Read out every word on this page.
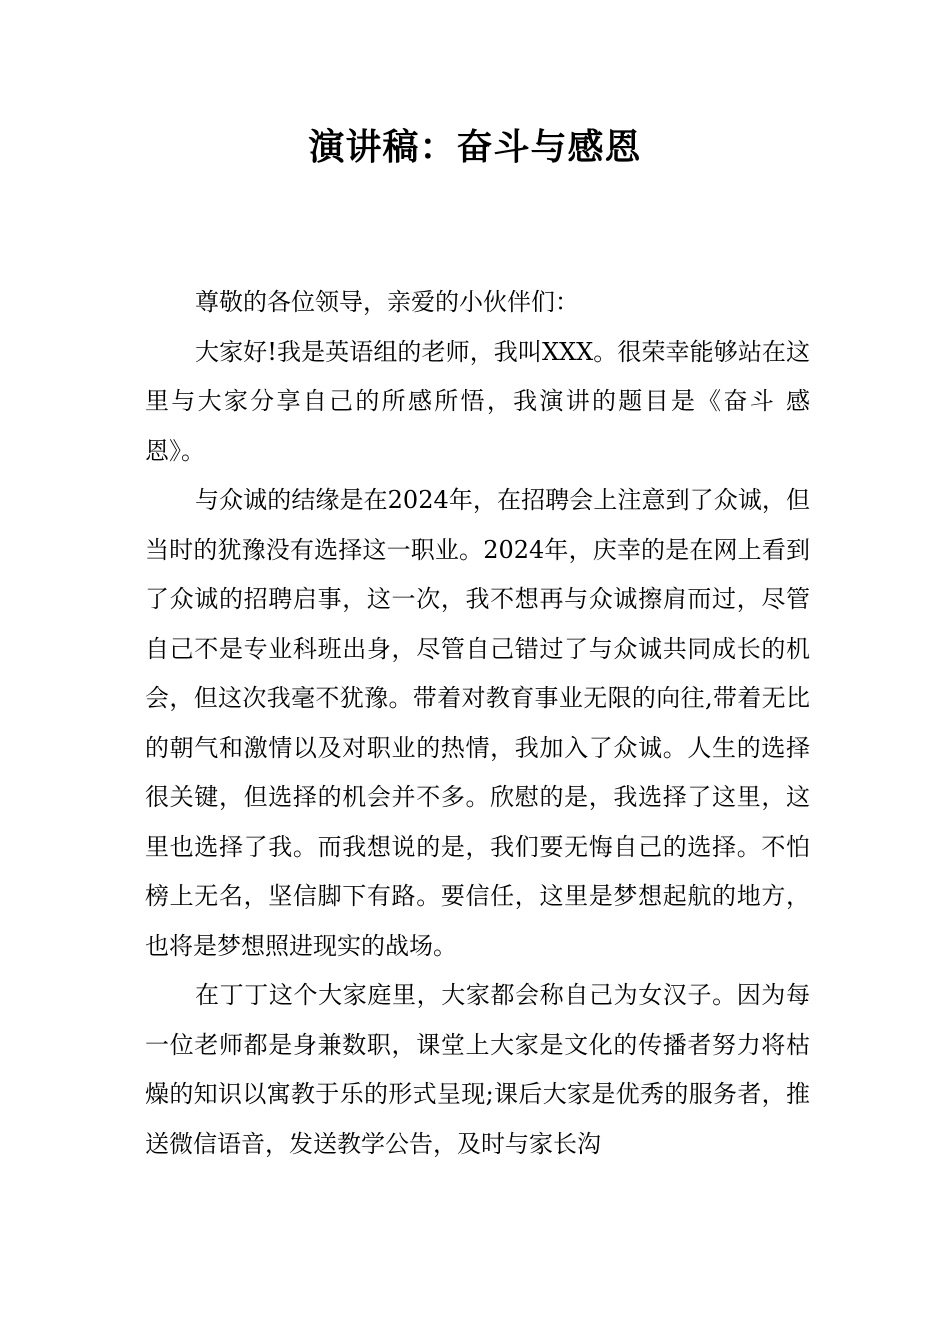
演讲稿：奋斗与感恩

尊敬的各位领导，亲爱的小伙伴们：

大家好!我是英语组的老师，我叫XXX。很荣幸能够站在这里与大家分享自己的所感所悟，我演讲的题目是《奋斗 感恩》。

与众诚的结缘是在2024年，在招聘会上注意到了众诚，但当时的犹豫没有选择这一职业。2024年，庆幸的是在网上看到了众诚的招聘启事，这一次，我不想再与众诚擦肩而过，尽管自己不是专业科班出身，尽管自己错过了与众诚共同成长的机会，但这次我毫不犹豫。带着对教育事业无限的向往,带着无比的朝气和激情以及对职业的热情，我加入了众诚。人生的选择很关键，但选择的机会并不多。欣慰的是，我选择了这里，这里也选择了我。而我想说的是，我们要无悔自己的选择。不怕榜上无名，坚信脚下有路。要信任，这里是梦想起航的地方，也将是梦想照进现实的战场。

在丁丁这个大家庭里，大家都会称自己为女汉子。因为每一位老师都是身兼数职，课堂上大家是文化的传播者努力将枯燥的知识以寓教于乐的形式呈现;课后大家是优秀的服务者，推送微信语音，发送教学公告，及时与家长沟
